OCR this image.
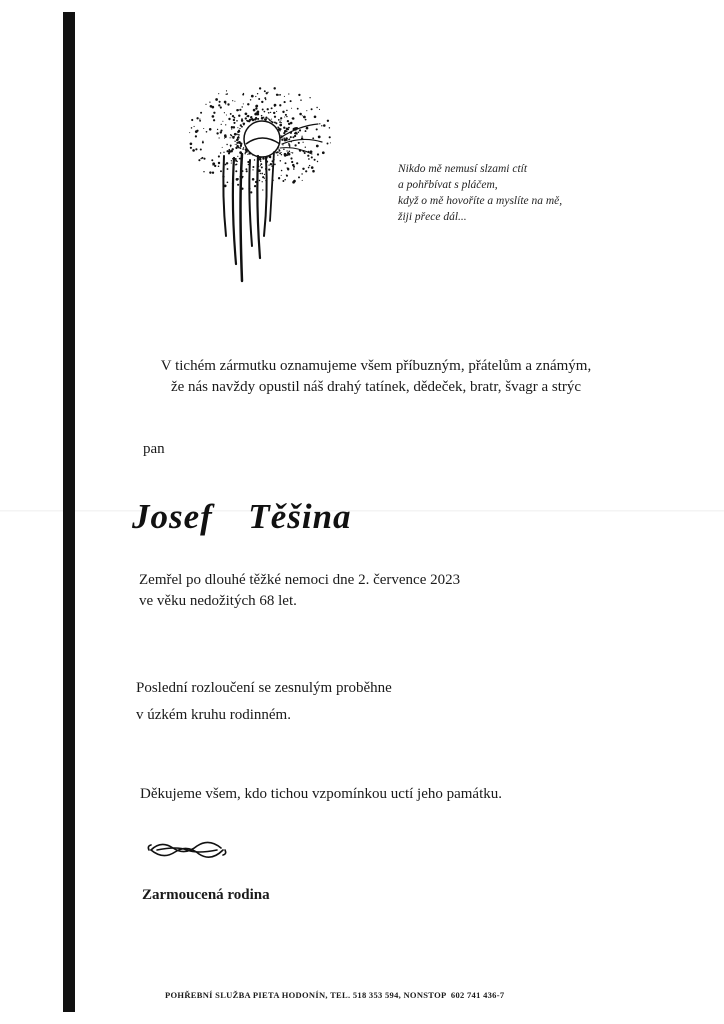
Nikdo mě nemusí slzami ctít
a pohřbívat s pláčem,
když o mě hovoříte a myslíte na mě,
žiji přece dál...
V tichém zármutku oznamujeme všem příbuzným, přátelům a známým,
že nás navždy opustil náš drahý tatínek, dědeček, bratr, švagr a strýc
pan
Josef  Těšina
Zemřel po dlouhé těžké nemoci dne 2. července 2023
ve věku nedožitých 68 let.
Poslední rozloučení se zesnulým proběhne
v úzkém kruhu rodinném.
Děkujeme všem, kdo tichou vzpomínkou uctí jeho památku.
Zarmoucená rodina
POHŘEBNÍ SLUŽBA PIETA HODONÍN, TEL. 518 353 594, NONSTOP  602 741 436-7
